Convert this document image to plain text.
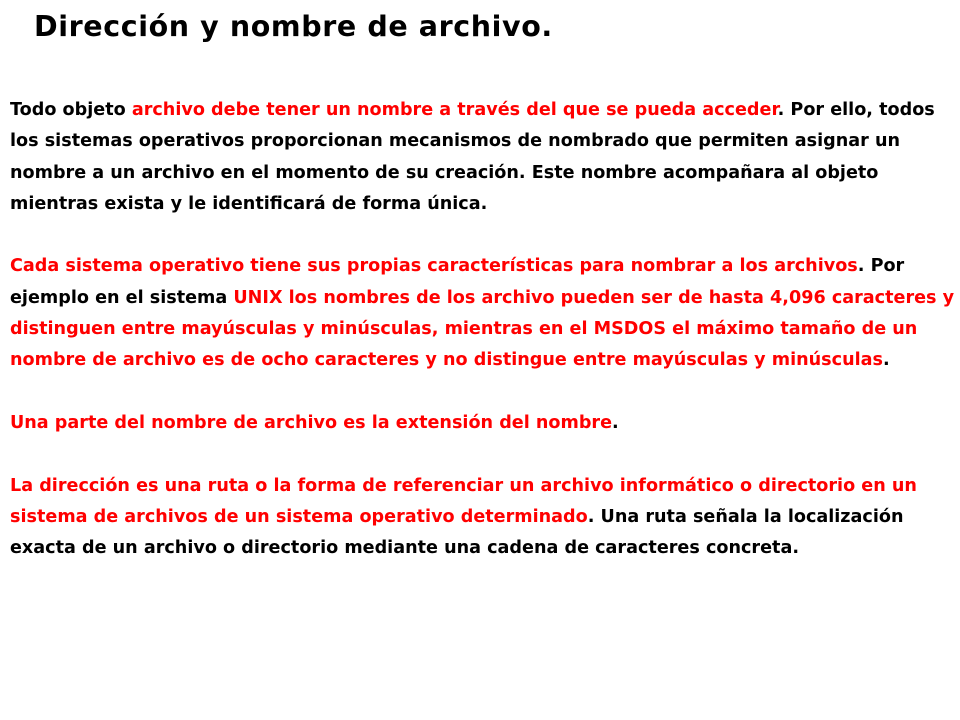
Dirección y nombre de archivo.

Todo objeto archivo debe tener un nombre a través del que se pueda acceder. Por ello, todos los sistemas operativos proporcionan mecanismos de nombrado que permiten asignar un nombre a un archivo en el momento de su creación. Este nombre acompañara al objeto mientras exista y le identificará de forma única.

Cada sistema operativo tiene sus propias características para nombrar a los archivos. Por ejemplo en el sistema UNIX los nombres de los archivo pueden ser de hasta 4,096 caracteres y distinguen entre mayúsculas y minúsculas, mientras en el MSDOS el máximo tamaño de un nombre de archivo es de ocho caracteres y no distingue entre mayúsculas y minúsculas.

Una parte del nombre de archivo es la extensión del nombre.

La dirección es una ruta o la forma de referenciar un archivo informático o directorio en un sistema de archivos de un sistema operativo determinado. Una ruta señala la localización exacta de un archivo o directorio mediante una cadena de caracteres concreta.
